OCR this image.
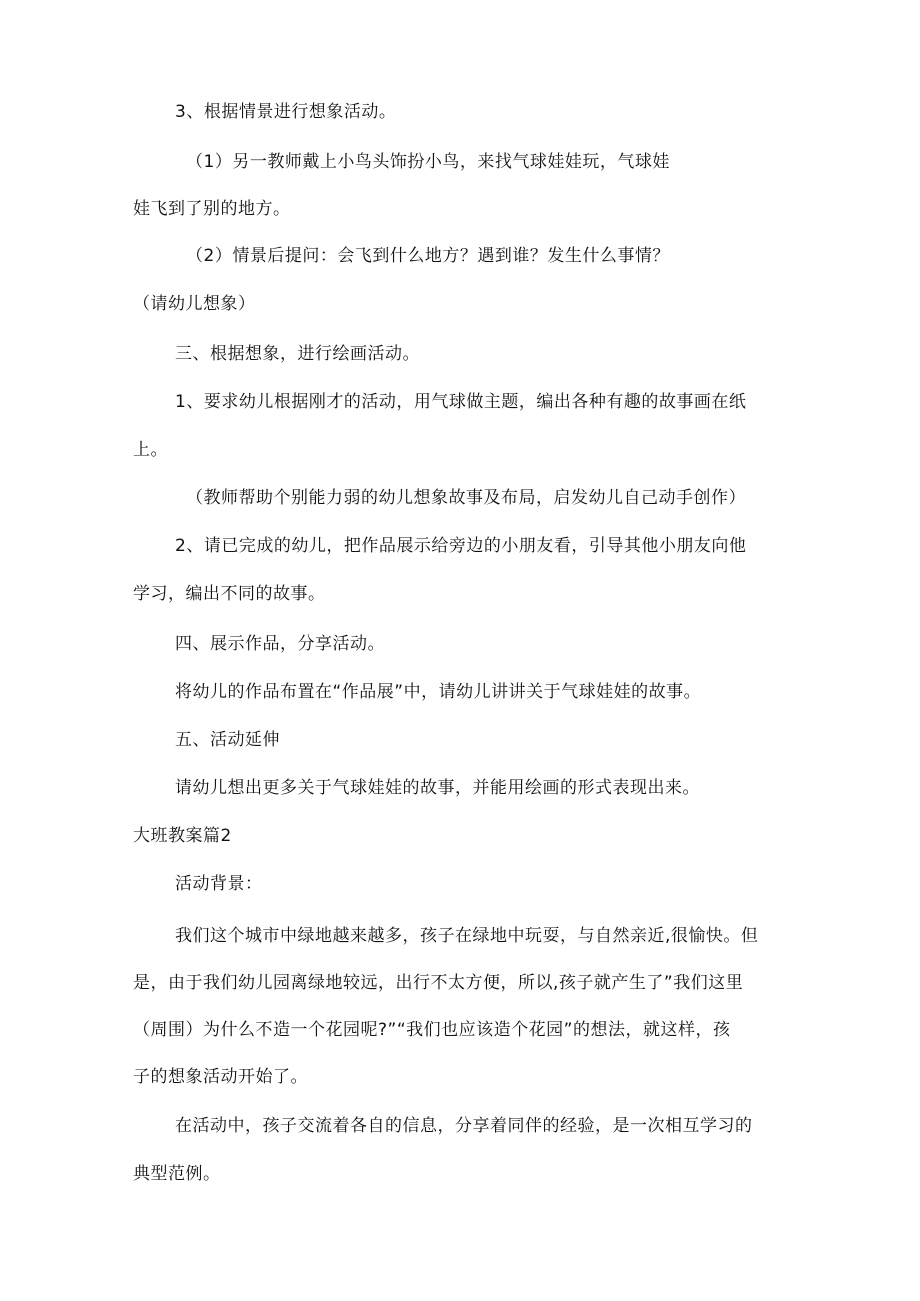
3、根据情景进行想象活动。
（1）另一教师戴上小鸟头饰扮小鸟，来找气球娃娃玩，气球娃
娃飞到了别的地方。
（2）情景后提问：会飞到什么地方？遇到谁？发生什么事情？
（请幼儿想象）
三、根据想象，进行绘画活动。
1、要求幼儿根据刚才的活动，用气球做主题，编出各种有趣的故事画在纸
上。
（教师帮助个别能力弱的幼儿想象故事及布局，启发幼儿自己动手创作）
2、请已完成的幼儿，把作品展示给旁边的小朋友看，引导其他小朋友向他
学习，编出不同的故事。
四、展示作品，分享活动。
将幼儿的作品布置在“作品展”中，请幼儿讲讲关于气球娃娃的故事。
五、活动延伸
请幼儿想出更多关于气球娃娃的故事，并能用绘画的形式表现出来。
大班教案篇2
活动背景：
我们这个城市中绿地越来越多，孩子在绿地中玩耍，与自然亲近,很愉快。但
是，由于我们幼儿园离绿地较远，出行不太方便，所以,孩子就产生了”我们这里
（周围）为什么不造一个花园呢?”“我们也应该造个花园”的想法，就这样，孩
子的想象活动开始了。
在活动中，孩子交流着各自的信息，分享着同伴的经验，是一次相互学习的
典型范例。
